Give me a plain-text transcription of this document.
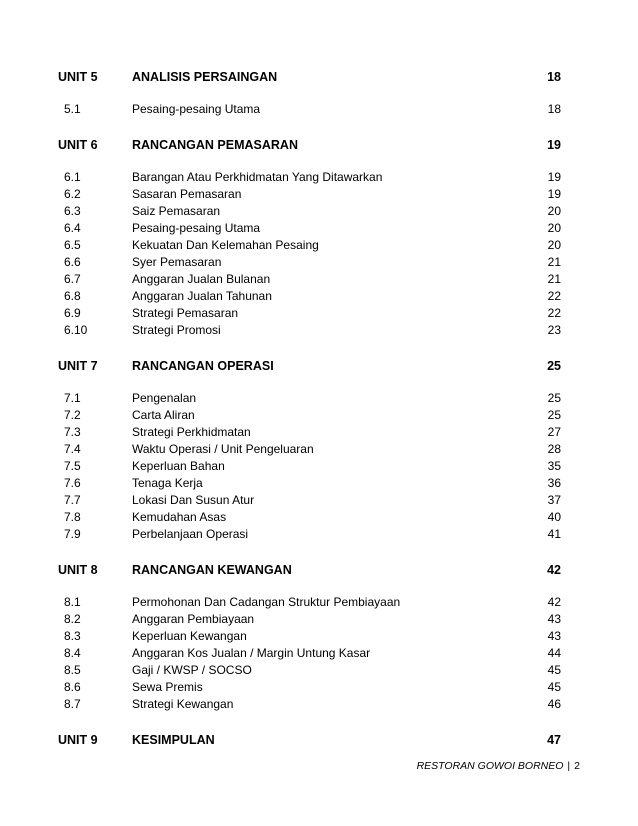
UNIT 5	ANALISIS PERSAINGAN	18
5.1	Pesaing-pesaing Utama	18
UNIT 6	RANCANGAN PEMASARAN	19
6.1	Barangan Atau Perkhidmatan Yang Ditawarkan	19
6.2	Sasaran Pemasaran	19
6.3	Saiz Pemasaran	20
6.4	Pesaing-pesaing Utama	20
6.5	Kekuatan Dan Kelemahan Pesaing	20
6.6	Syer Pemasaran	21
6.7	Anggaran Jualan Bulanan	21
6.8	Anggaran Jualan Tahunan	22
6.9	Strategi Pemasaran	22
6.10	Strategi Promosi	23
UNIT 7	RANCANGAN OPERASI	25
7.1	Pengenalan	25
7.2	Carta Aliran	25
7.3	Strategi Perkhidmatan	27
7.4	Waktu Operasi / Unit Pengeluaran	28
7.5	Keperluan Bahan	35
7.6	Tenaga Kerja	36
7.7	Lokasi Dan Susun Atur	37
7.8	Kemudahan Asas	40
7.9	Perbelanjaan Operasi	41
UNIT 8	RANCANGAN KEWANGAN	42
8.1	Permohonan Dan Cadangan Struktur Pembiayaan	42
8.2	Anggaran Pembiayaan	43
8.3	Keperluan Kewangan	43
8.4	Anggaran Kos Jualan / Margin Untung Kasar	44
8.5	Gaji / KWSP / SOCSO	45
8.6	Sewa Premis	45
8.7	Strategi Kewangan	46
UNIT 9	KESIMPULAN	47
RESTORAN GOWOI BORNEO | 2
